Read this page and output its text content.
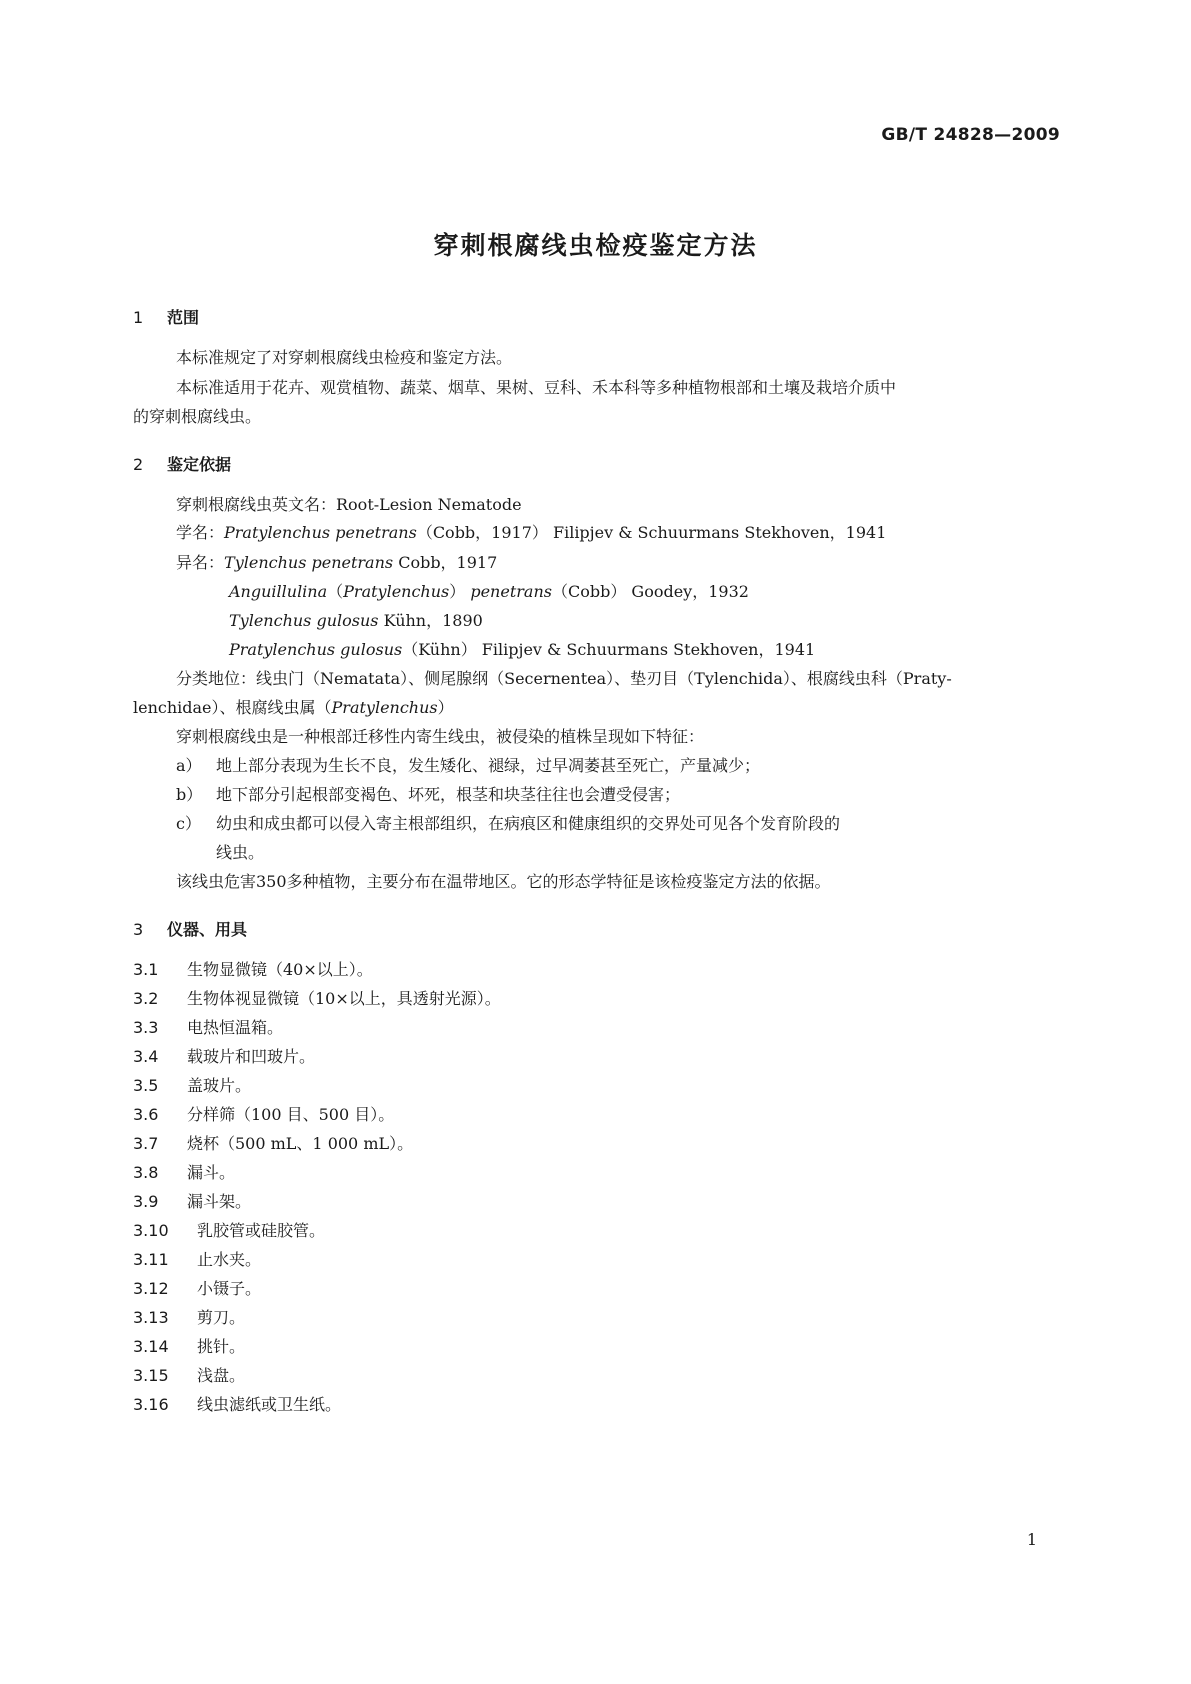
GB/T 24828—2009
穿刺根腐线虫检疫鉴定方法
1 范围
本标准规定了对穿刺根腐线虫检疫和鉴定方法。
本标准适用于花卉、观赏植物、蔬菜、烟草、果树、豆科、禾本科等多种植物根部和土壤及栽培介质中
的穿刺根腐线虫。
2 鉴定依据
穿刺根腐线虫英文名：Root-Lesion Nematode
学名：Pratylenchus penetrans（Cobb，1917） Filipjev & Schuurmans Stekhoven，1941
异名：Tylenchus penetrans Cobb，1917
Anguillulina（Pratylenchus） penetrans（Cobb） Goodey，1932
Tylenchus gulosus Kühn，1890
Pratylenchus gulosus（Kühn） Filipjev & Schuurmans Stekhoven，1941
分类地位：线虫门（Nematata）、侧尾腺纲（Secernentea）、垫刃目（Tylenchida）、根腐线虫科（Praty-
lenchidae）、根腐线虫属（Pratylenchus）
穿刺根腐线虫是一种根部迁移性内寄生线虫，被侵染的植株呈现如下特征：
a） 地上部分表现为生长不良，发生矮化、褪绿，过早凋萎甚至死亡，产量减少；
b） 地下部分引起根部变褐色、坏死，根茎和块茎往往也会遭受侵害；
c） 幼虫和成虫都可以侵入寄主根部组织，在病痕区和健康组织的交界处可见各个发育阶段的
线虫。
该线虫危害350多种植物，主要分布在温带地区。它的形态学特征是该检疫鉴定方法的依据。
3 仪器、用具
3.1 生物显微镜（40×以上）。
3.2 生物体视显微镜（10×以上，具透射光源）。
3.3 电热恒温箱。
3.4 载玻片和凹玻片。
3.5 盖玻片。
3.6 分样筛（100 目、500 目）。
3.7 烧杯（500 mL、1 000 mL）。
3.8 漏斗。
3.9 漏斗架。
3.10 乳胶管或硅胶管。
3.11 止水夹。
3.12 小镊子。
3.13 剪刀。
3.14 挑针。
3.15 浅盘。
3.16 线虫滤纸或卫生纸。
1
